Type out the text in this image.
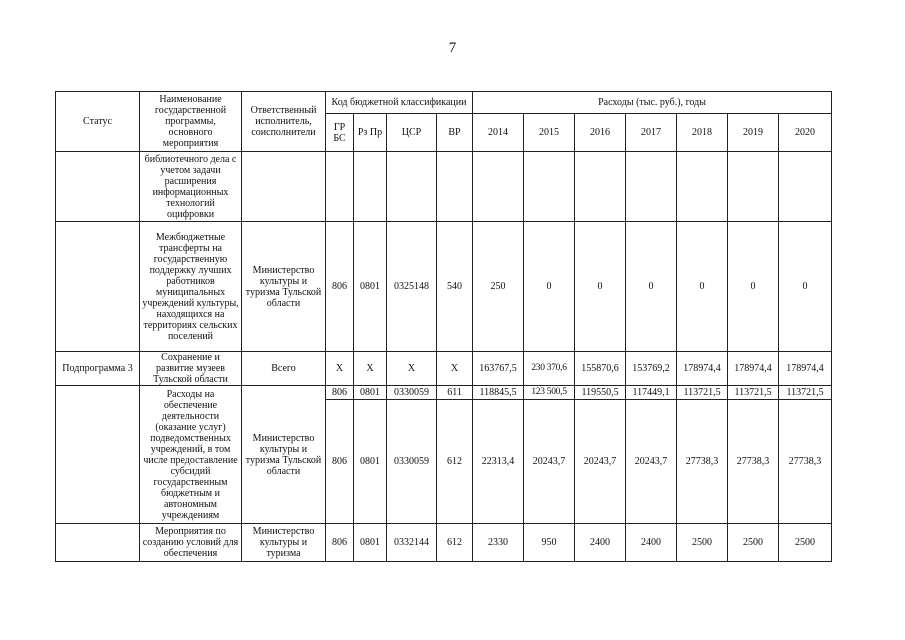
7
Статус	Наименование государственной программы, основного мероприятия	Ответственный исполнитель, соисполнители	Код бюджетной классификации				Расходы (тыс. руб.), годы						
			ГР БС	Рз Пр	ЦСР	ВР	2014	2015	2016	2017	2018	2019	2020
	библиотечного дела с учетом задачи расширения информационных технологий оцифровки												
	Межбюджетные трансферты на государственную поддержку лучших работников муниципальных учреждений культуры, находящихся на территориях сельских поселений	Министерство культуры и туризма Тульской области	806	0801	0325148	540	250	0	0	0	0	0	0
Подпрограмма 3	Сохранение и развитие музеев Тульской области	Всего	Х	Х	Х	Х	163767,5	230 370,6	155870,6	153769,2	178974,4	178974,4	178974,4
	Расходы на обеспечение деятельности (оказание услуг) подведомственных учреждений, в том числе предоставление субсидий государственным бюджетным и автономным учреждениям	Министерство культуры и туризма Тульской области	806	0801	0330059	611	118845,5	123 500,5	119550,5	117449,1	113721,5	113721,5	113721,5
			806	0801	0330059	612	22313,4	20243,7	20243,7	20243,7	27738,3	27738,3	27738,3
	Мероприятия по созданию условий для обеспечения	Министерство культуры и туризма	806	0801	0332144	612	2330	950	2400	2400	2500	2500	2500
